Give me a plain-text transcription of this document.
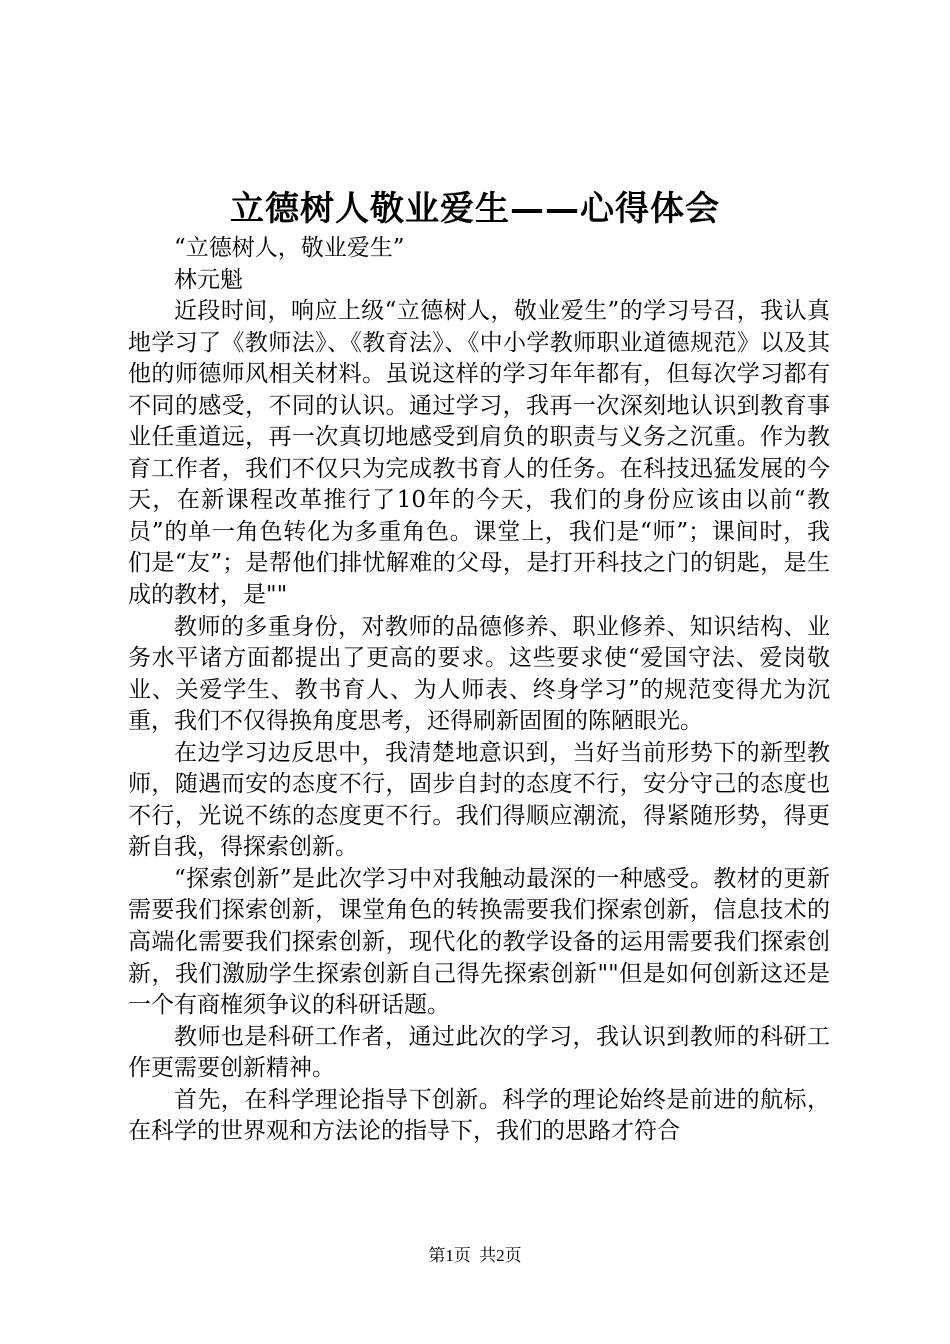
立德树人敬业爱生——心得体会

“立德树人，敬业爱生”

林元魁

近段时间，响应上级“立德树人，敬业爱生”的学习号召，我认真地学习了《教师法》、《教育法》、《中小学教师职业道德规范》以及其他的师德师风相关材料。虽说这样的学习年年都有，但每次学习都有不同的感受，不同的认识。通过学习，我再一次深刻地认识到教育事业任重道远，再一次真切地感受到肩负的职责与义务之沉重。作为教育工作者，我们不仅只为完成教书育人的任务。在科技迅猛发展的今天，在新课程改革推行了10年的今天，我们的身份应该由以前“教员”的单一角色转化为多重角色。课堂上，我们是“师”；课间时，我们是“友”；是帮他们排忧解难的父母，是打开科技之门的钥匙，是生成的教材，是""

教师的多重身份，对教师的品德修养、职业修养、知识结构、业务水平诸方面都提出了更高的要求。这些要求使“爱国守法、爱岗敬业、关爱学生、教书育人、为人师表、终身学习”的规范变得尤为沉重，我们不仅得换角度思考，还得刷新固囿的陈陋眼光。

在边学习边反思中，我清楚地意识到，当好当前形势下的新型教师，随遇而安的态度不行，固步自封的态度不行，安分守己的态度也不行，光说不练的态度更不行。我们得顺应潮流，得紧随形势，得更新自我，得探索创新。

“探索创新”是此次学习中对我触动最深的一种感受。教材的更新需要我们探索创新，课堂角色的转换需要我们探索创新，信息技术的高端化需要我们探索创新，现代化的教学设备的运用需要我们探索创新，我们激励学生探索创新自己得先探索创新""但是如何创新这还是一个有商榷须争议的科研话题。

教师也是科研工作者，通过此次的学习，我认识到教师的科研工作更需要创新精神。

首先，在科学理论指导下创新。科学的理论始终是前进的航标，在科学的世界观和方法论的指导下，我们的思路才符合

第1页 共2页
